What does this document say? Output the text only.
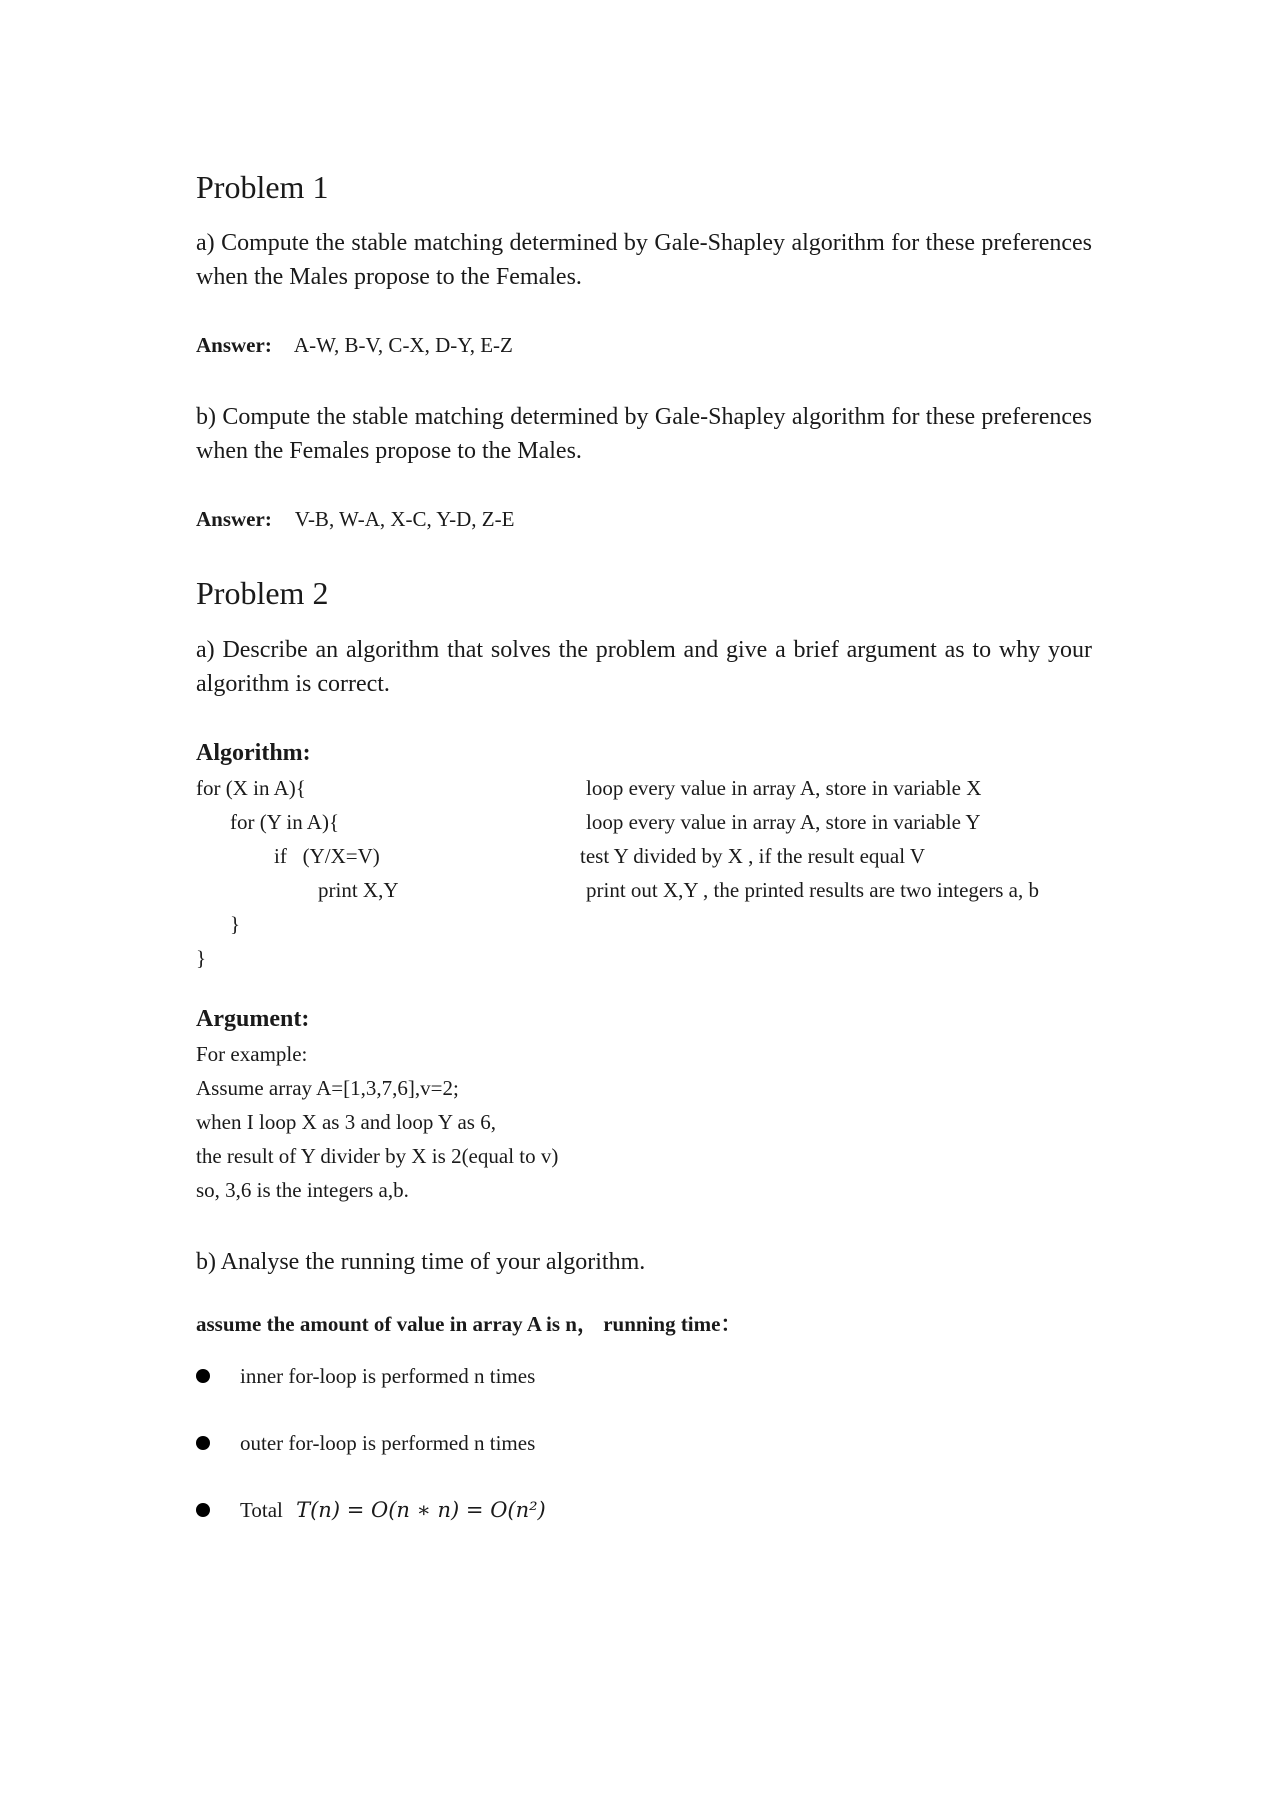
Problem 1

a) Compute the stable matching determined by Gale-Shapley algorithm for these preferences when the Males propose to the Females.

Answer: A-W, B-V, C-X, D-Y, E-Z

b) Compute the stable matching determined by Gale-Shapley algorithm for these preferences when the Females propose to the Males.

Answer: V-B, W-A, X-C, Y-D, Z-E
Problem 2

a) Describe an algorithm that solves the problem and give a brief argument as to why your algorithm is correct.

Algorithm:
for (X in A){	loop every value in array A, store in variable X
for (Y in A){	loop every value in array A, store in variable Y
if   (Y/X=V)	test Y divided by X , if the result equal V
print X,Y	print out X,Y , the printed results are two integers a, b
}
}
Argument:
For example:
Assume array A=[1,3,7,6],v=2;
when I loop X as 3 and loop Y as 6,
the result of Y divider by X is 2(equal to v)
so, 3,6 is the integers a,b.

b) Analyse the running time of your algorithm.

assume the amount of value in array A is n， running time：
inner for-loop is performed n times
outer for-loop is performed n times
Total T(n) = O(n ∗ n) = O(n²)
